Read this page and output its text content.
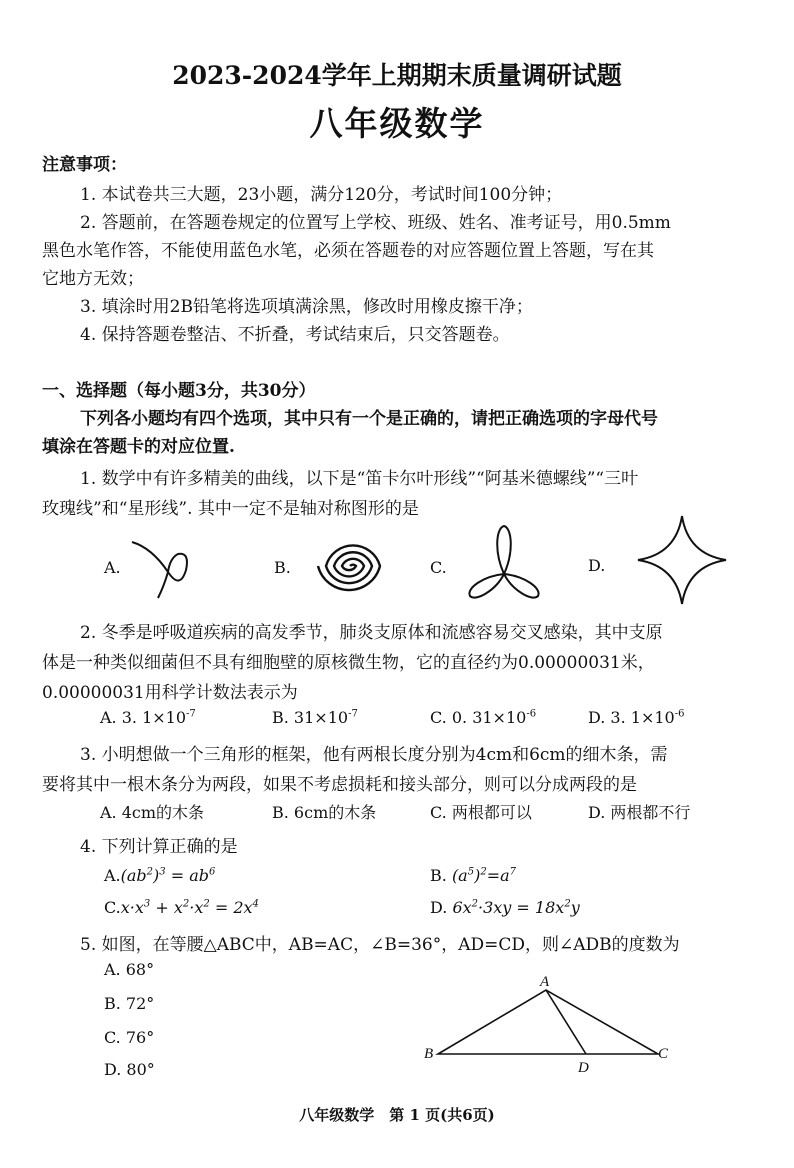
2023-2024学年上期期末质量调研试题
八年级数学
注意事项：
1. 本试卷共三大题，23小题，满分120分，考试时间100分钟；
2. 答题前，在答题卷规定的位置写上学校、班级、姓名、准考证号，用0.5mm
黑色水笔作答，不能使用蓝色水笔，必须在答题卷的对应答题位置上答题，写在其
它地方无效；
3. 填涂时用2B铅笔将选项填满涂黑，修改时用橡皮擦干净；
4. 保持答题卷整洁、不折叠，考试结束后，只交答题卷。
一、选择题（每小题3分，共30分）
下列各小题均有四个选项，其中只有一个是正确的，请把正确选项的字母代号
填涂在答题卡的对应位置.
1. 数学中有许多精美的曲线，以下是“笛卡尔叶形线”“阿基米德螺线”“三叶
玫瑰线”和“星形线”. 其中一定不是轴对称图形的是
A.	B.	C.	D.
2. 冬季是呼吸道疾病的高发季节，肺炎支原体和流感容易交叉感染，其中支原
体是一种类似细菌但不具有细胞壁的原核微生物，它的直径约为0.00000031米，
0.00000031用科学计数法表示为
A. 3. $1\times 10^{-7}$	B. $31\times 10^{-7}$	C. 0. $31\times 10^{-6}$	D. 3. $1\times 10^{-6}$
3. 小明想做一个三角形的框架，他有两根长度分别为4cm和6cm的细木条，需
要将其中一根木条分为两段，如果不考虑损耗和接头部分，则可以分成两段的是
A. 4cm的木条	B. 6cm的木条	C. 两根都可以	D. 两根都不行
4. 下列计算正确的是
$A.(ab^2)^3 = ab^6$	B. $(a^5)^2=a^7$
$C.x\cdot x^3 + x^2\cdot x^2 = 2x^4$	D. $6x^2\cdot 3xy = 18x^2y$
5. 如图，在等腰△ABC中，AB=AC，∠B=36°，AD=CD，则∠ADB的度数为
A. 68°
B. 72°
C. 76°
D. 80°
A
B	C
D
八年级数学　第 1 页(共6页)
